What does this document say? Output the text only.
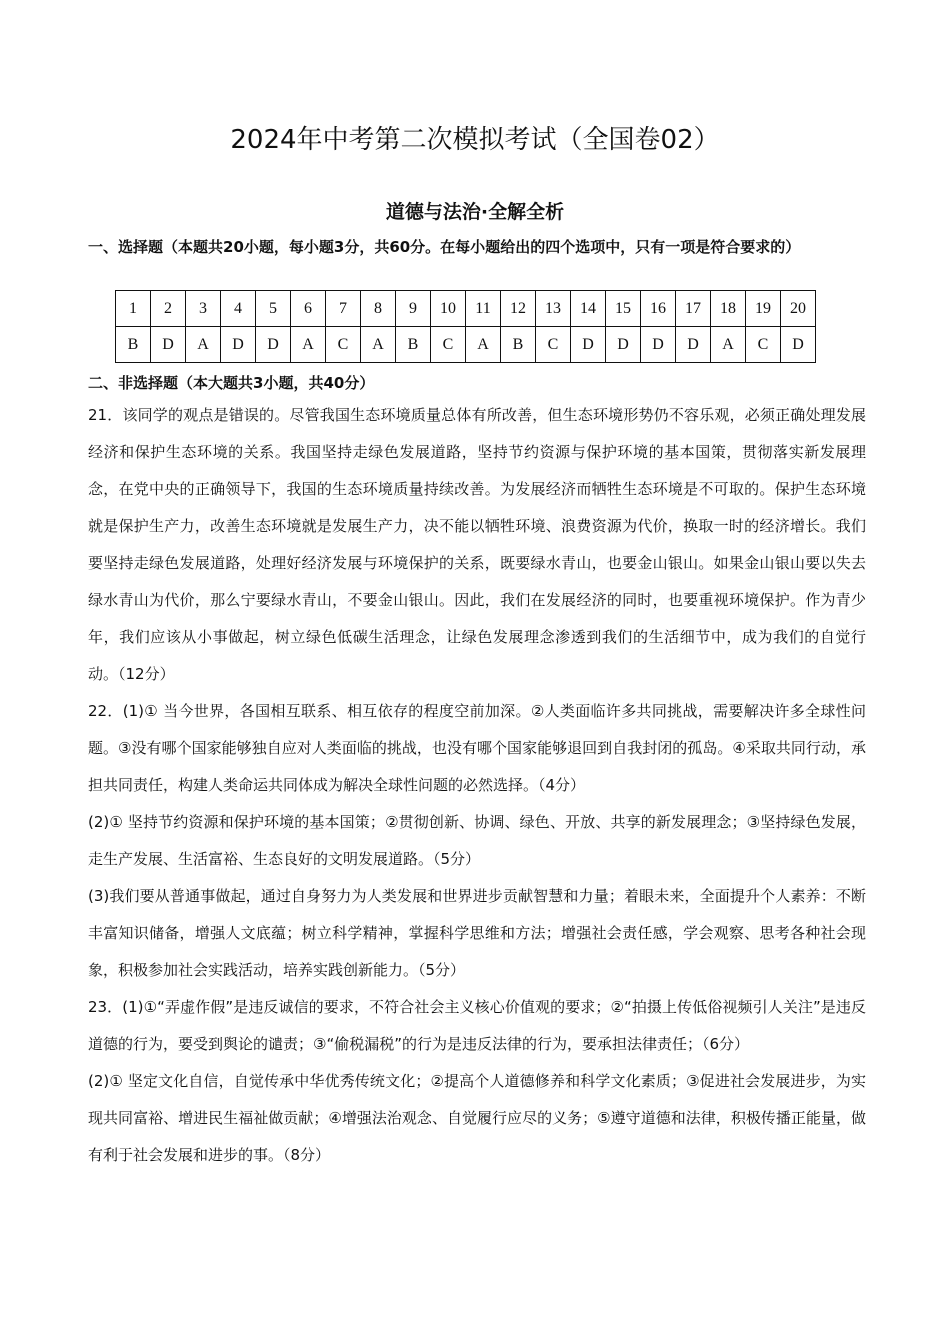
2024年中考第二次模拟考试（全国卷02）
道德与法治·全解全析
一、选择题（本题共20小题，每小题3分，共60分。在每小题给出的四个选项中，只有一项是符合要求的）
1	2	3	4	5	6	7	8	9	10	11	12	13	14	15	16	17	18	19	20
B	D	A	D	D	A	C	A	B	C	A	B	C	D	D	D	D	A	C	D
二、非选择题（本大题共3小题，共40分）

21．该同学的观点是错误的。尽管我国生态环境质量总体有所改善，但生态环境形势仍不容乐观，必须正确处理发展经济和保护生态环境的关系。我国坚持走绿色发展道路，坚持节约资源与保护环境的基本国策，贯彻落实新发展理念，在党中央的正确领导下，我国的生态环境质量持续改善。为发展经济而牺牲生态环境是不可取的。保护生态环境就是保护生产力，改善生态环境就是发展生产力，决不能以牺牲环境、浪费资源为代价，换取一时的经济增长。我们要坚持走绿色发展道路，处理好经济发展与环境保护的关系，既要绿水青山，也要金山银山。如果金山银山要以失去绿水青山为代价，那么宁要绿水青山，不要金山银山。因此，我们在发展经济的同时，也要重视环境保护。作为青少年，我们应该从小事做起，树立绿色低碳生活理念，让绿色发展理念渗透到我们的生活细节中，成为我们的自觉行动。（12分）

22．(1)① 当今世界，各国相互联系、相互依存的程度空前加深。②人类面临许多共同挑战，需要解决许多全球性问题。③没有哪个国家能够独自应对人类面临的挑战，也没有哪个国家能够退回到自我封闭的孤岛。④采取共同行动，承担共同责任，构建人类命运共同体成为解决全球性问题的必然选择。（4分）

(2)① 坚持节约资源和保护环境的基本国策；②贯彻创新、协调、绿色、开放、共享的新发展理念；③坚持绿色发展，走生产发展、生活富裕、生态良好的文明发展道路。（5分）

(3)我们要从普通事做起，通过自身努力为人类发展和世界进步贡献智慧和力量；着眼未来，全面提升个人素养：不断丰富知识储备，增强人文底蕴；树立科学精神，掌握科学思维和方法；增强社会责任感，学会观察、思考各种社会现象，积极参加社会实践活动，培养实践创新能力。（5分）

23．(1)①“弄虚作假”是违反诚信的要求，不符合社会主义核心价值观的要求；②“拍摄上传低俗视频引人关注”是违反道德的行为，要受到舆论的谴责；③“偷税漏税”的行为是违反法律的行为，要承担法律责任；（6分）

(2)① 坚定文化自信，自觉传承中华优秀传统文化；②提高个人道德修养和科学文化素质；③促进社会发展进步，为实现共同富裕、增进民生福祉做贡献；④增强法治观念、自觉履行应尽的义务；⑤遵守道德和法律，积极传播正能量，做有利于社会发展和进步的事。（8分）
